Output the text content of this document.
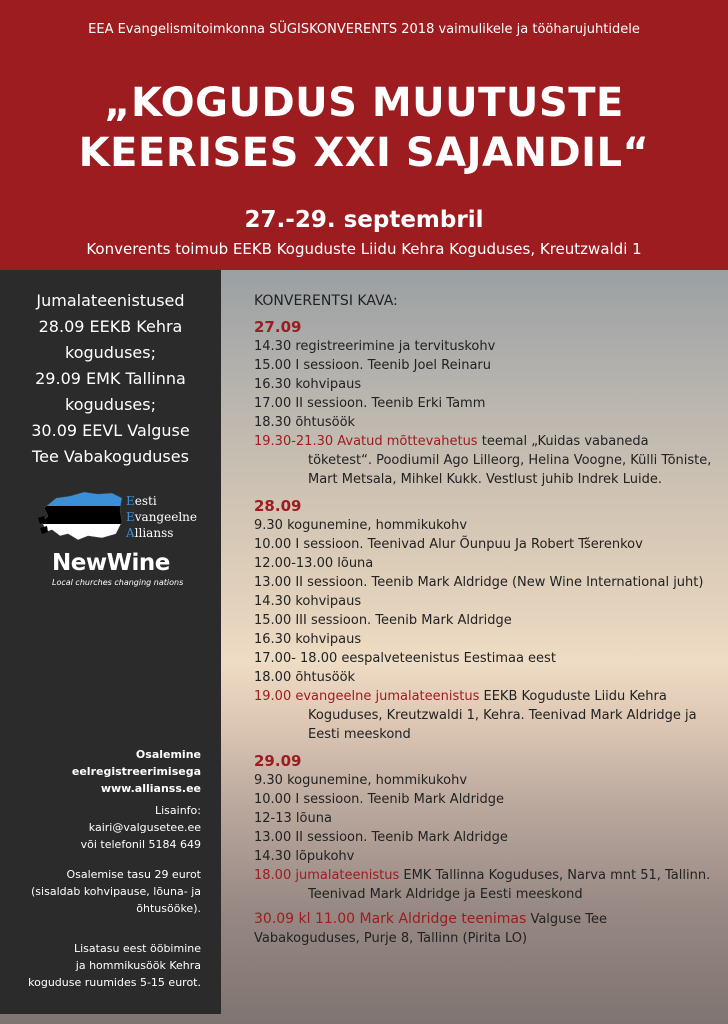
EEA Evangelismitoimkonna SÜGISKONVERENTS 2018 vaimulikele ja tööharujuhtidele
„KOGUDUS MUUTUSTE
KEERISES XXI SAJANDIL“
27.-29. septembril
Konverents toimub EEKB Koguduste Liidu Kehra Koguduses, Kreutzwaldi 1
Jumalateenistused
28.09 EEKB Kehra
koguduses;
29.09 EMK Tallinna
koguduses;
30.09 EEVL Valguse
Tee Vabakoguduses
Eesti
Evangeelne
Allianss
NewWine
Local churches changing nations
Osalemine
eelregistreerimisega
www.allianss.ee
Lisainfo:
kairi@valgusetee.ee
või telefonil 5184 649
Osalemise tasu 29 eurot
(sisaldab kohvipause, lõuna- ja
õhtusööke).
Lisatasu eest ööbimine
ja hommikusöök Kehra
koguduse ruumides 5-15 eurot.
KONVERENTSI KAVA:
27.09
14.30 registreerimine ja tervituskohv
15.00 I sessioon. Teenib Joel Reinaru
16.30 kohvipaus
17.00 II sessioon. Teenib Erki Tamm
18.30 õhtusöök
19.30-21.30 Avatud mõttevahetus teemal „Kuidas vabaneda töketest“. Poodiumil Ago Lilleorg, Helina Voogne, Külli Tõniste, Mart Metsala, Mihkel Kukk. Vestlust juhib Indrek Luide.
28.09
9.30 kogunemine, hommikukohv
10.00 I sessioon. Teenivad Alur Õunpuu Ja Robert Tšerenkov
12.00-13.00 lõuna
13.00 II sessioon. Teenib Mark Aldridge (New Wine International juht)
14.30 kohvipaus
15.00 III sessioon. Teenib Mark Aldridge
16.30 kohvipaus
17.00- 18.00 eespalveteenistus Eestimaa eest
18.00 õhtusöök
19.00 evangeelne jumalateenistus EEKB Koguduste Liidu Kehra Koguduses, Kreutzwaldi 1, Kehra. Teenivad Mark Aldridge ja Eesti meeskond
29.09
9.30 kogunemine, hommikukohv
10.00 I sessioon. Teenib Mark Aldridge
12-13 lõuna
13.00 II sessioon. Teenib Mark Aldridge
14.30 lõpukohv
18.00 jumalateenistus EMK Tallinna Koguduses, Narva mnt 51, Tallinn. Teenivad Mark Aldridge ja Eesti meeskond
30.09 kl 11.00 Mark Aldridge teenimas Valguse Tee Vabakoguduses, Purje 8, Tallinn (Pirita LO)
